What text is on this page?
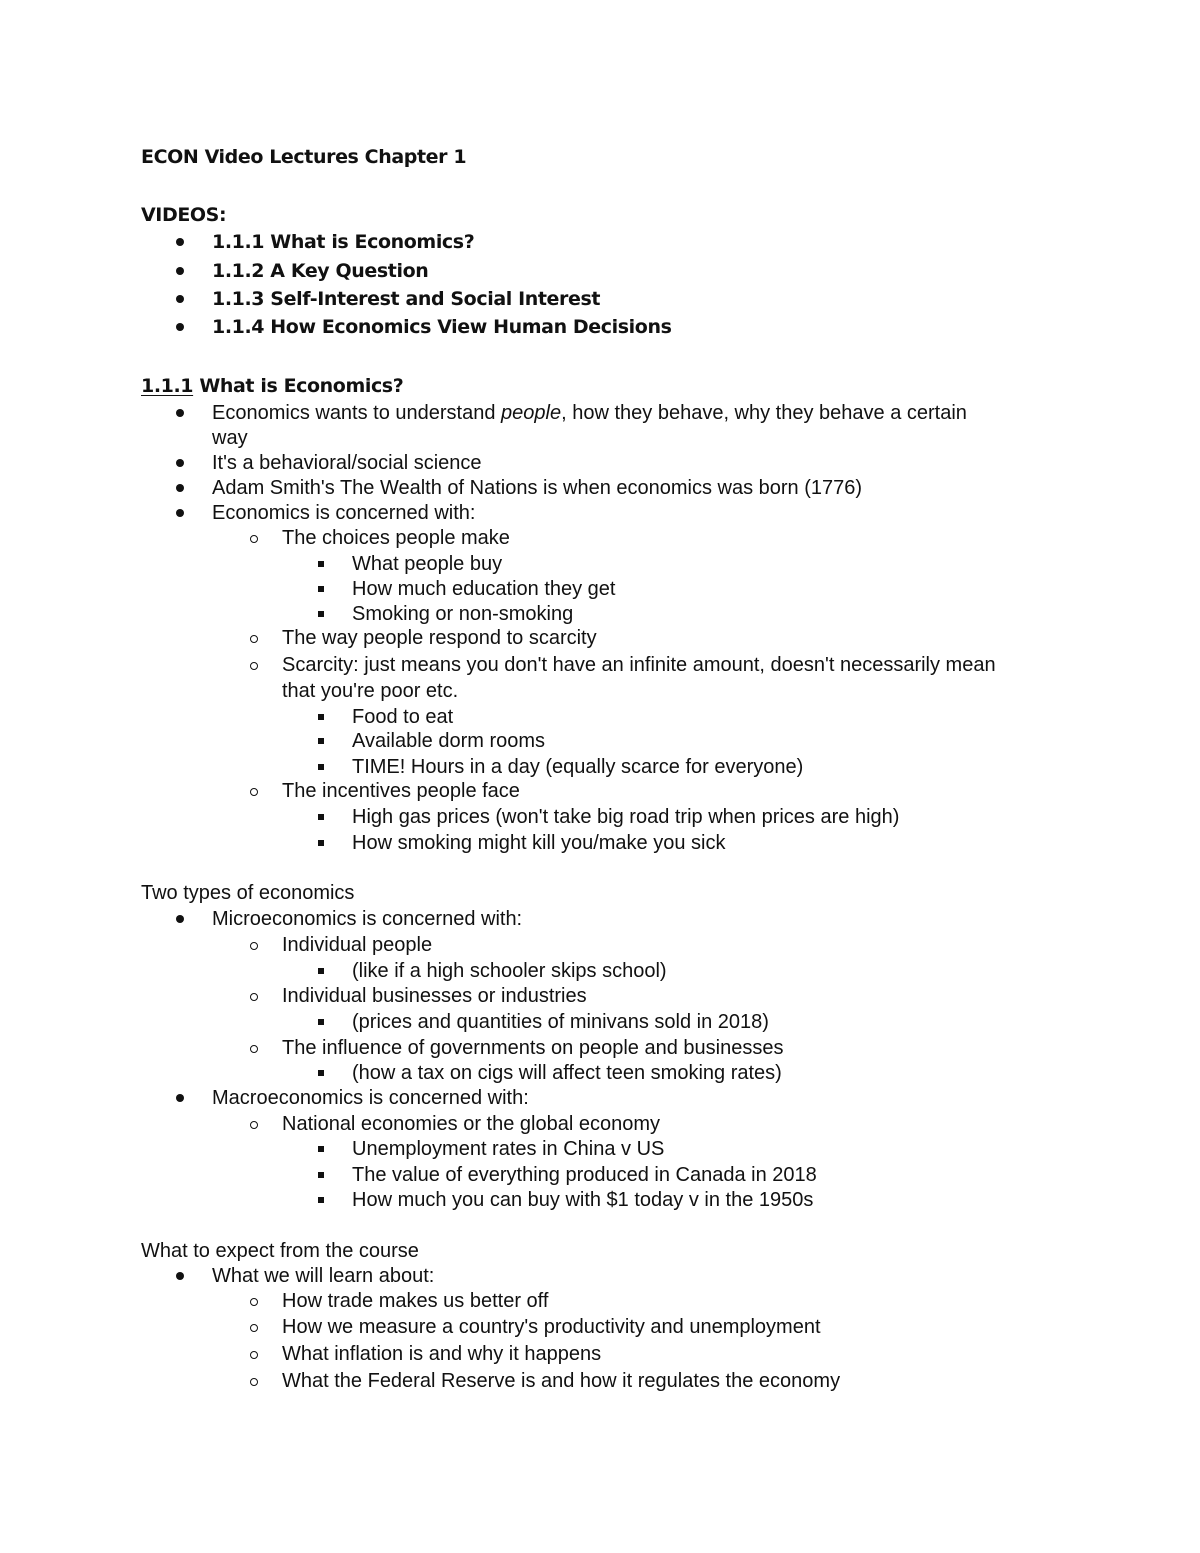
ECON Video Lectures Chapter 1
VIDEOS:
1.1.1 What is Economics?
1.1.2 A Key Question
1.1.3 Self-Interest and Social Interest
1.1.4 How Economics View Human Decisions
1.1.1 What is Economics?
Economics wants to understand people, how they behave, why they behave a certain
way
It's a behavioral/social science
Adam Smith's The Wealth of Nations is when economics was born (1776)
Economics is concerned with:
The choices people make
What people buy
How much education they get
Smoking or non-smoking
The way people respond to scarcity
Scarcity: just means you don't have an infinite amount, doesn't necessarily mean
that you're poor etc.
Food to eat
Available dorm rooms
TIME! Hours in a day (equally scarce for everyone)
The incentives people face
High gas prices (won't take big road trip when prices are high)
How smoking might kill you/make you sick
Two types of economics
Microeconomics is concerned with:
Individual people
(like if a high schooler skips school)
Individual businesses or industries
(prices and quantities of minivans sold in 2018)
The influence of governments on people and businesses
(how a tax on cigs will affect teen smoking rates)
Macroeconomics is concerned with:
National economies or the global economy
Unemployment rates in China v US
The value of everything produced in Canada in 2018
How much you can buy with $1 today v in the 1950s
What to expect from the course
What we will learn about:
How trade makes us better off
How we measure a country's productivity and unemployment
What inflation is and why it happens
What the Federal Reserve is and how it regulates the economy
